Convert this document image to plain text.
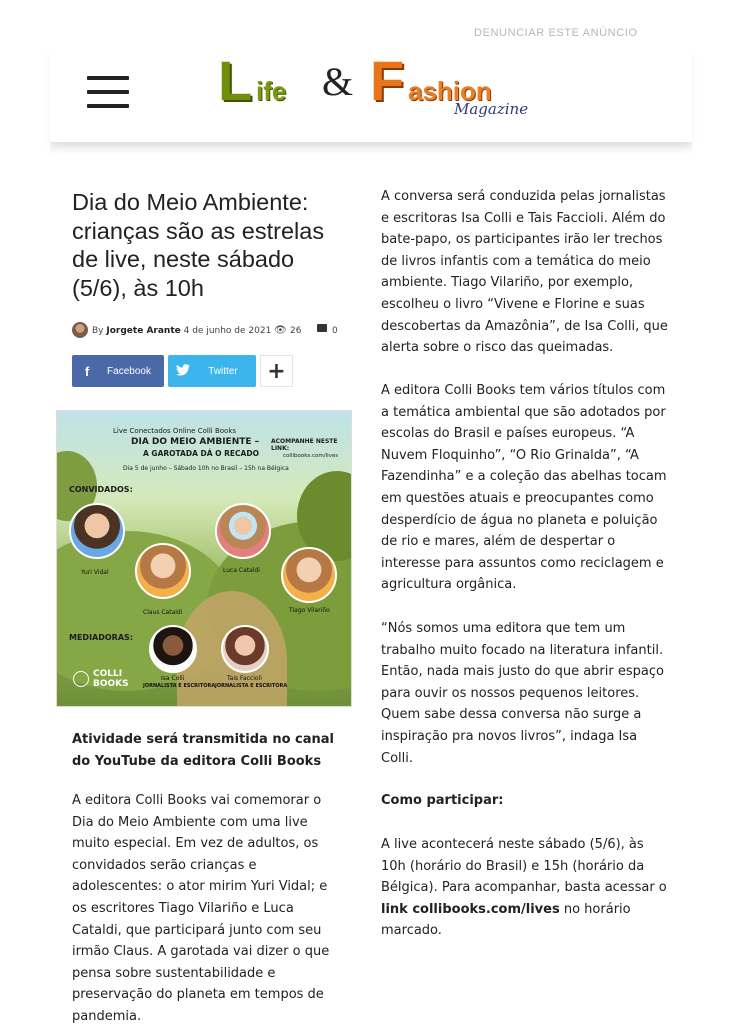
DENUNCIAR ESTE ANÚNCIO
L ife & F ashion
Magazine
Dia do Meio Ambiente: crianças são as estrelas de live, neste sábado (5/6), às 10h
By Jorgete Arante 4 de junho de 2021 👁 26	0
f	Facebook	Twitter	+
Live Conectados Online Colli Books
DIA DO MEIO AMBIENTE –
A GAROTADA DÁ O RECADO
Dia 5 de junho – Sábado 10h no Brasil – 15h na Bélgica
ACOMPANHE NESTE LINK:
collibooks.com/lives
CONVIDADOS:
MEDIADORAS:
Yuri Vidal
Claus Cataldi
Luca Cataldi
Tiago Vilariño
Isa Colli
JORNALISTA E ESCRITORA
Tais Faccioli
JORNALISTA E ESCRITORA
COLLI
BOOKS

Atividade será transmitida no canal do YouTube da editora Colli Books

A editora Colli Books vai comemorar o Dia do Meio Ambiente com uma live muito especial. Em vez de adultos, os convidados serão crianças e adolescentes: o ator mirim Yuri Vidal; e os escritores Tiago Vilariño e Luca Cataldi, que participará junto com seu irmão Claus. A garotada vai dizer o que pensa sobre sustentabilidade e preservação do planeta em tempos de pandemia.

A conversa será conduzida pelas jornalistas e escritoras Isa Colli e Tais Faccioli. Além do bate-papo, os participantes irão ler trechos de livros infantis com a temática do meio ambiente. Tiago Vilariño, por exemplo, escolheu o livro “Vivene e Florine e suas descobertas da Amazônia”, de Isa Colli, que alerta sobre o risco das queimadas.

A editora Colli Books tem vários títulos com a temática ambiental que são adotados por escolas do Brasil e países europeus. “A Nuvem Floquinho”, “O Rio Grinalda”, “A Fazendinha” e a coleção das abelhas tocam em questões atuais e preocupantes como desperdício de água no planeta e poluição de rio e mares, além de despertar o interesse para assuntos como reciclagem e agricultura orgânica.

“Nós somos uma editora que tem um trabalho muito focado na literatura infantil. Então, nada mais justo do que abrir espaço para ouvir os nossos pequenos leitores. Quem sabe dessa conversa não surge a inspiração pra novos livros”, indaga Isa Colli.

Como participar:

A live acontecerá neste sábado (5/6), às 10h (horário do Brasil) e 15h (horário da Bélgica). Para acompanhar, basta acessar o link collibooks.com/lives no horário marcado.
